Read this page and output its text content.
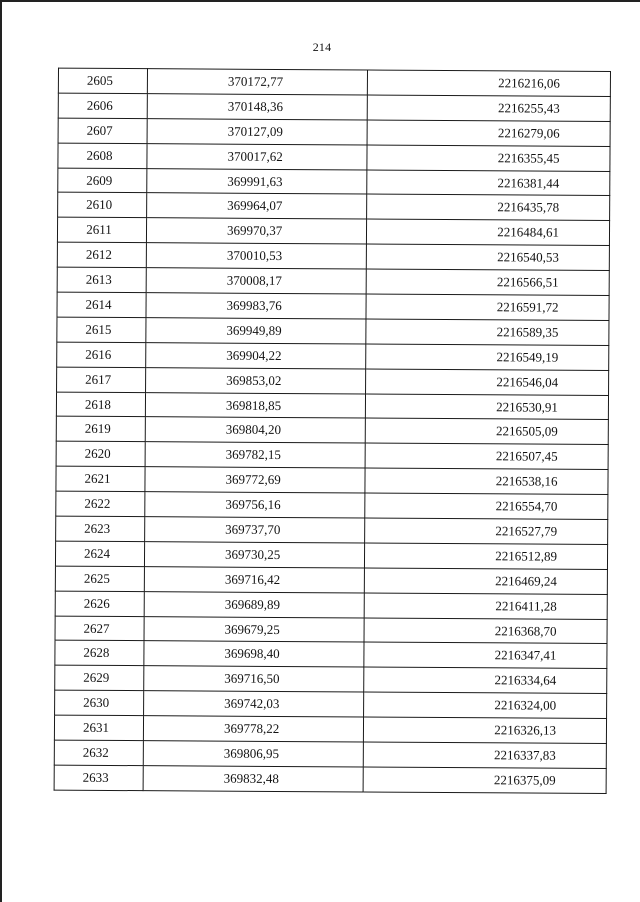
214
2605	370172,77	2216216,06
2606	370148,36	2216255,43
2607	370127,09	2216279,06
2608	370017,62	2216355,45
2609	369991,63	2216381,44
2610	369964,07	2216435,78
2611	369970,37	2216484,61
2612	370010,53	2216540,53
2613	370008,17	2216566,51
2614	369983,76	2216591,72
2615	369949,89	2216589,35
2616	369904,22	2216549,19
2617	369853,02	2216546,04
2618	369818,85	2216530,91
2619	369804,20	2216505,09
2620	369782,15	2216507,45
2621	369772,69	2216538,16
2622	369756,16	2216554,70
2623	369737,70	2216527,79
2624	369730,25	2216512,89
2625	369716,42	2216469,24
2626	369689,89	2216411,28
2627	369679,25	2216368,70
2628	369698,40	2216347,41
2629	369716,50	2216334,64
2630	369742,03	2216324,00
2631	369778,22	2216326,13
2632	369806,95	2216337,83
2633	369832,48	2216375,09
